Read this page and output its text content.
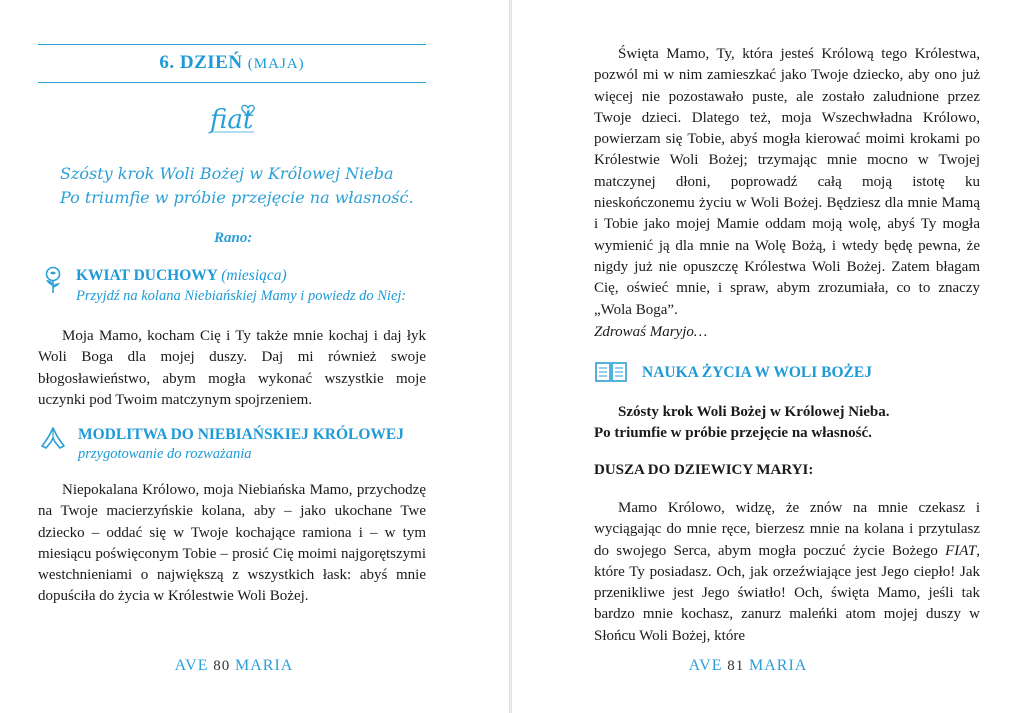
6. DZIEŃ (MAJA)
fiat
Szósty krok Woli Bożej w Królowej Nieba
Po triumfie w próbie przejęcie na własność.
Rano:
KWIAT DUCHOWY (miesiąca)
Przyjdź na kolana Niebiańskiej Mamy i powiedz do Niej:

Moja Mamo, kocham Cię i Ty także mnie kochaj i daj łyk Woli Boga dla mojej duszy. Daj mi również swoje błogosławieństwo, abym mogła wykonać wszystkie moje uczynki pod Twoim matczynym spojrzeniem.

MODLITWA DO NIEBIAŃSKIEJ KRÓLOWEJ
przygotowanie do rozważania

Niepokalana Królowo, moja Niebiańska Mamo, przychodzę na Twoje macierzyńskie kolana, aby – jako ukochane Twe dziecko – oddać się w Twoje kochające ramiona i – w tym miesiącu poświęconym Tobie – prosić Cię moimi najgorętszymi westchnieniami o największą z wszystkich łask: abyś mnie dopuściła do życia w Królestwie Woli Bożej.

AVE 80 MARIA

Święta Mamo, Ty, która jesteś Królową tego Królestwa, pozwól mi w nim zamieszkać jako Twoje dziecko, aby ono już więcej nie pozostawało puste, ale zostało zaludnione przez Twoje dzieci. Dlatego też, moja Wszechwładna Królowo, powierzam się Tobie, abyś mogła kierować moimi krokami po Królestwie Woli Bożej; trzymając mnie mocno w Twojej matczynej dłoni, poprowadź całą moją istotę ku nieskończonemu życiu w Woli Bożej. Będziesz dla mnie Mamą i Tobie jako mojej Mamie oddam moją wolę, abyś Ty mogła wymienić ją dla mnie na Wolę Bożą, i wtedy będę pewna, że nigdy już nie opuszczę Królestwa Woli Bożej. Zatem błagam Cię, oświeć mnie, i spraw, abym zrozumiała, co to znaczy „Wola Boga”.

Zdrowaś Maryjo…
NAUKA ŻYCIA W WOLI BOŻEJ
Szósty krok Woli Bożej w Królowej Nieba.
Po triumfie w próbie przejęcie na własność.
DUSZA DO DZIEWICY MARYI:

Mamo Królowo, widzę, że znów na mnie czekasz i wyciągając do mnie ręce, bierzesz mnie na kolana i przytulasz do swojego Serca, abym mogła poczuć życie Bożego FIAT, które Ty posiadasz. Och, jak orzeźwiające jest Jego ciepło! Jak przenikliwe jest Jego światło! Och, święta Mamo, jeśli tak bardzo mnie kochasz, zanurz maleńki atom mojej duszy w Słońcu Woli Bożej, które

AVE 81 MARIA
